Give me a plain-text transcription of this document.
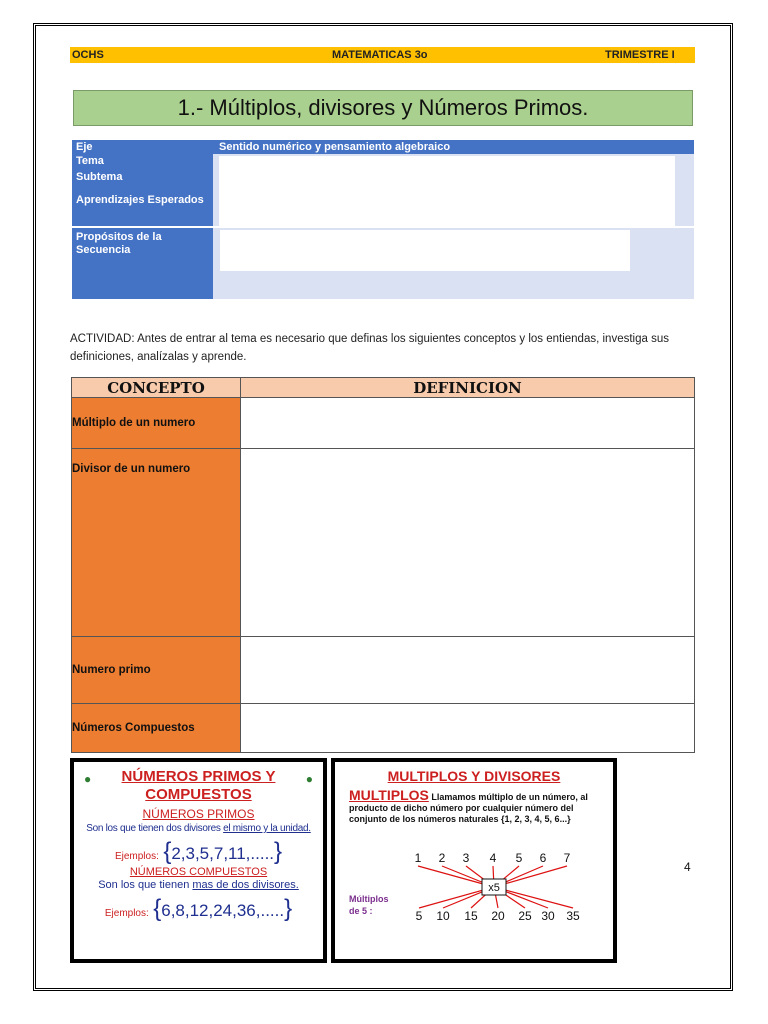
OCHS	MATEMATICAS 3o	TRIMESTRE I
1.- Múltiplos, divisores y Números Primos.
Eje	Sentido numérico y pensamiento algebraico
Tema
Subtema
Aprendizajes Esperados
Propósitos de la Secuencia
ACTIVIDAD: Antes de entrar al tema es necesario que definas los siguientes conceptos y los entiendas, investiga sus definiciones, analízalas y aprende.
CONCEPTO	DEFINICION
Múltiplo de un numero	
Divisor de un numero	
Numero primo	
Números Compuestos	
●	●
NÚMEROS PRIMOS Y
COMPUESTOS
NÚMEROS PRIMOS
Son los que tienen dos divisores el mismo y la unidad.
Ejemplos: {2,3,5,7,11,.....}
NÚMEROS COMPUESTOS
Son los que tienen mas de dos divisores.
Ejemplos: {6,8,12,24,36,.....}
MULTIPLOS Y DIVISORES
MULTIPLOS Llamamos múltiplo de un número, al producto de dicho número por cualquier número del conjunto de los números naturales {1, 2, 3, 4, 5, 6...}
x5
1 2 3 4 5 6 7
5 10 15 20 25 30 35
Múltiplos
de 5 :
4
